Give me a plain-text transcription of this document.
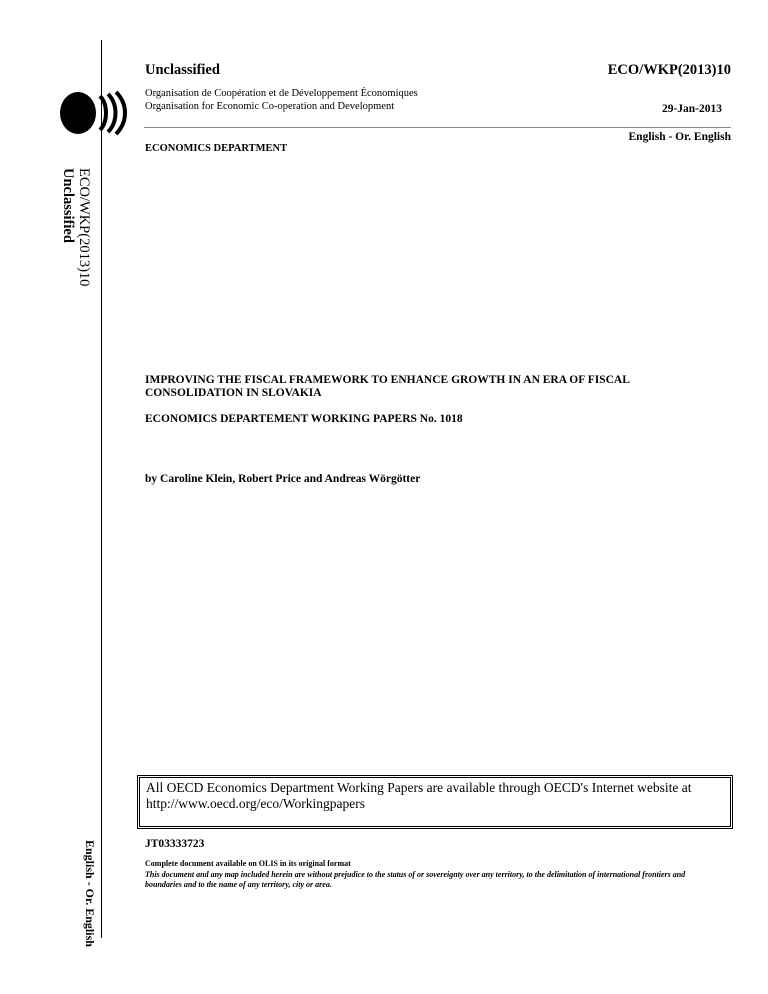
ECO/WKP(2013)10
Unclassified
English - Or. English
Unclassified	ECO/WKP(2013)10
Organisation de Coopération et de Développement Économiques
Organisation for Economic Co-operation and Development	29-Jan-2013
English - Or. English
ECONOMICS DEPARTMENT
IMPROVING THE FISCAL FRAMEWORK TO ENHANCE GROWTH IN AN ERA OF FISCAL CONSOLIDATION IN SLOVAKIA
ECONOMICS DEPARTEMENT WORKING PAPERS No. 1018
by Caroline Klein, Robert Price and Andreas Wörgötter
All OECD Economics Department Working Papers are available through OECD's Internet website at http://www.oecd.org/eco/Workingpapers
JT03333723
Complete document available on OLIS in its original format
This document and any map included herein are without prejudice to the status of or sovereignty over any territory, to the delimitation of international frontiers and boundaries and to the name of any territory, city or area.
